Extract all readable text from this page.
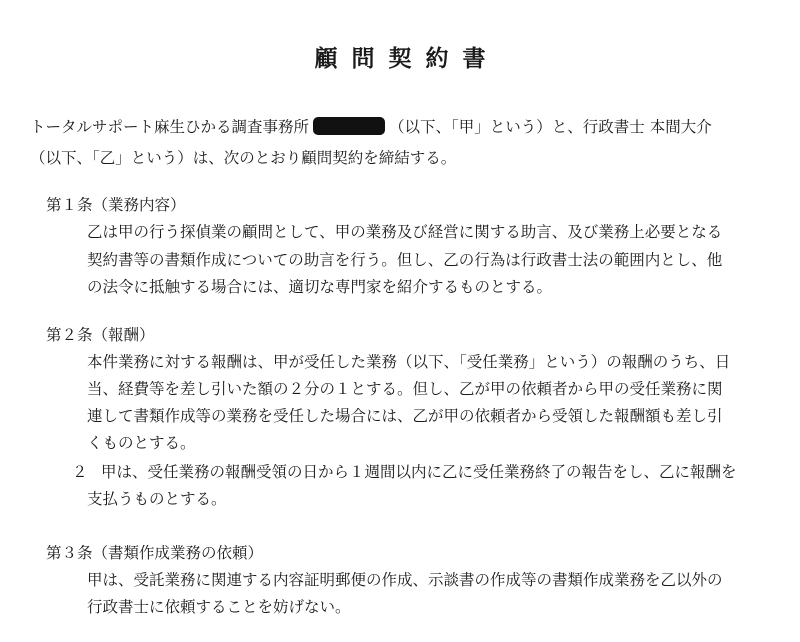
顧問契約書
トータルサポート麻生ひかる調査事務所	（以下、「甲」という）と、行政書士 本間大介
（以下、「乙」という）は、次のとおり顧問契約を締結する。
第１条（業務内容）
乙は甲の行う探偵業の顧問として、甲の業務及び経営に関する助言、及び業務上必要となる
契約書等の書類作成についての助言を行う。但し、乙の行為は行政書士法の範囲内とし、他
の法令に抵触する場合には、適切な専門家を紹介するものとする。
第２条（報酬）
本件業務に対する報酬は、甲が受任した業務（以下、「受任業務」という）の報酬のうち、日
当、経費等を差し引いた額の２分の１とする。但し、乙が甲の依頼者から甲の受任業務に関
連して書類作成等の業務を受任した場合には、乙が甲の依頼者から受領した報酬額も差し引
くものとする。
２ 甲は、受任業務の報酬受領の日から１週間以内に乙に受任業務終了の報告をし、乙に報酬を
支払うものとする。
第３条（書類作成業務の依頼）
甲は、受託業務に関連する内容証明郵便の作成、示談書の作成等の書類作成業務を乙以外の
行政書士に依頼することを妨げない。
